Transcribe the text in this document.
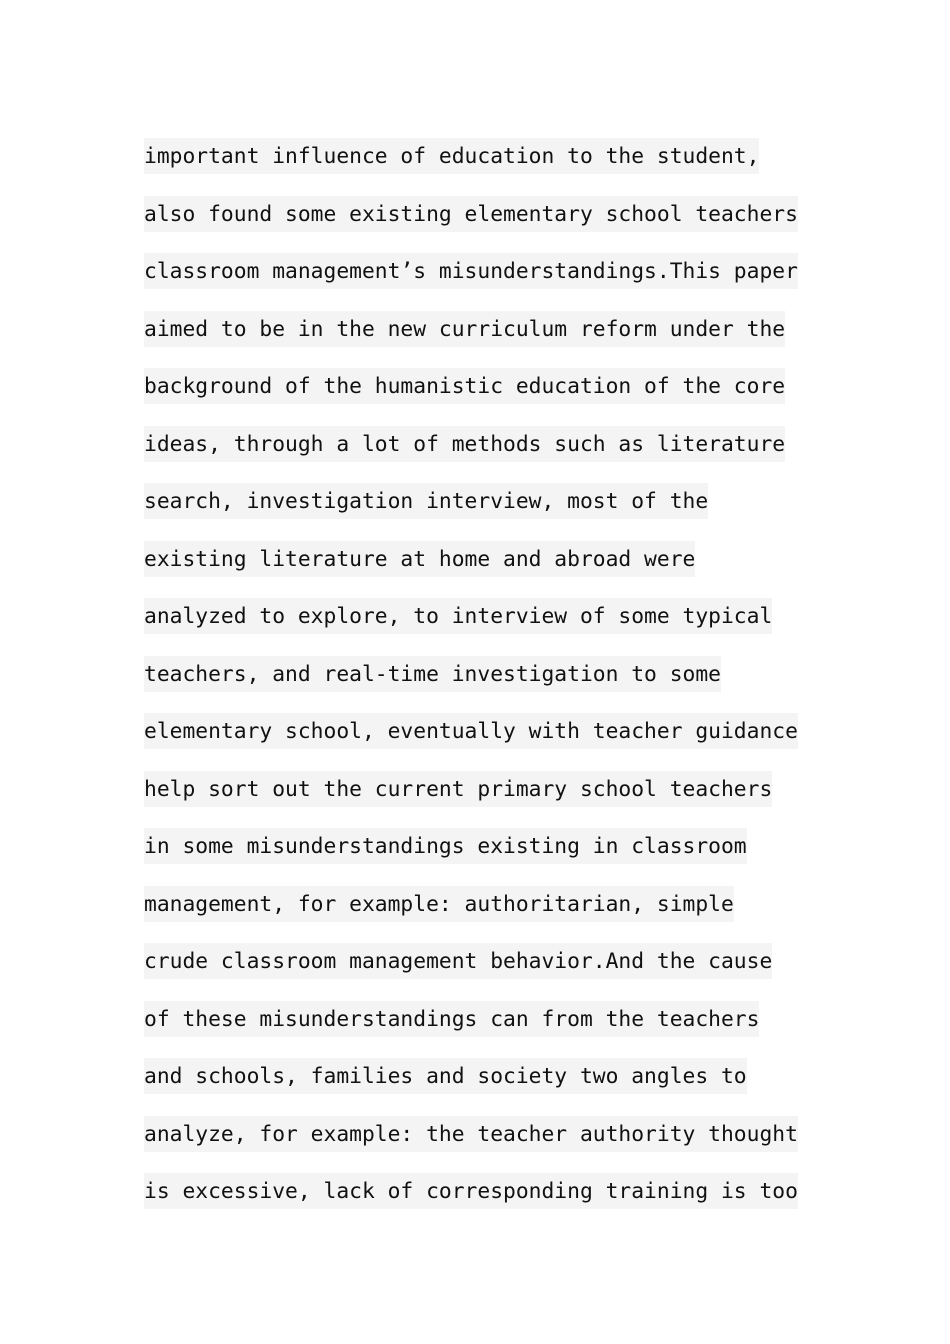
important influence of education to the student,
also found some existing elementary school teachers
classroom management’s misunderstandings.This paper
aimed to be in the new curriculum reform under the
background of the humanistic education of the core
ideas, through a lot of methods such as literature
search, investigation interview, most of the
existing literature at home and abroad were
analyzed to explore, to interview of some typical
teachers, and real-time investigation to some
elementary school, eventually with teacher guidance
help sort out the current primary school teachers
in some misunderstandings existing in classroom
management, for example: authoritarian, simple
crude classroom management behavior.And the cause
of these misunderstandings can from the teachers
and schools, families and society two angles to
analyze, for example: the teacher authority thought
is excessive, lack of corresponding training is too
